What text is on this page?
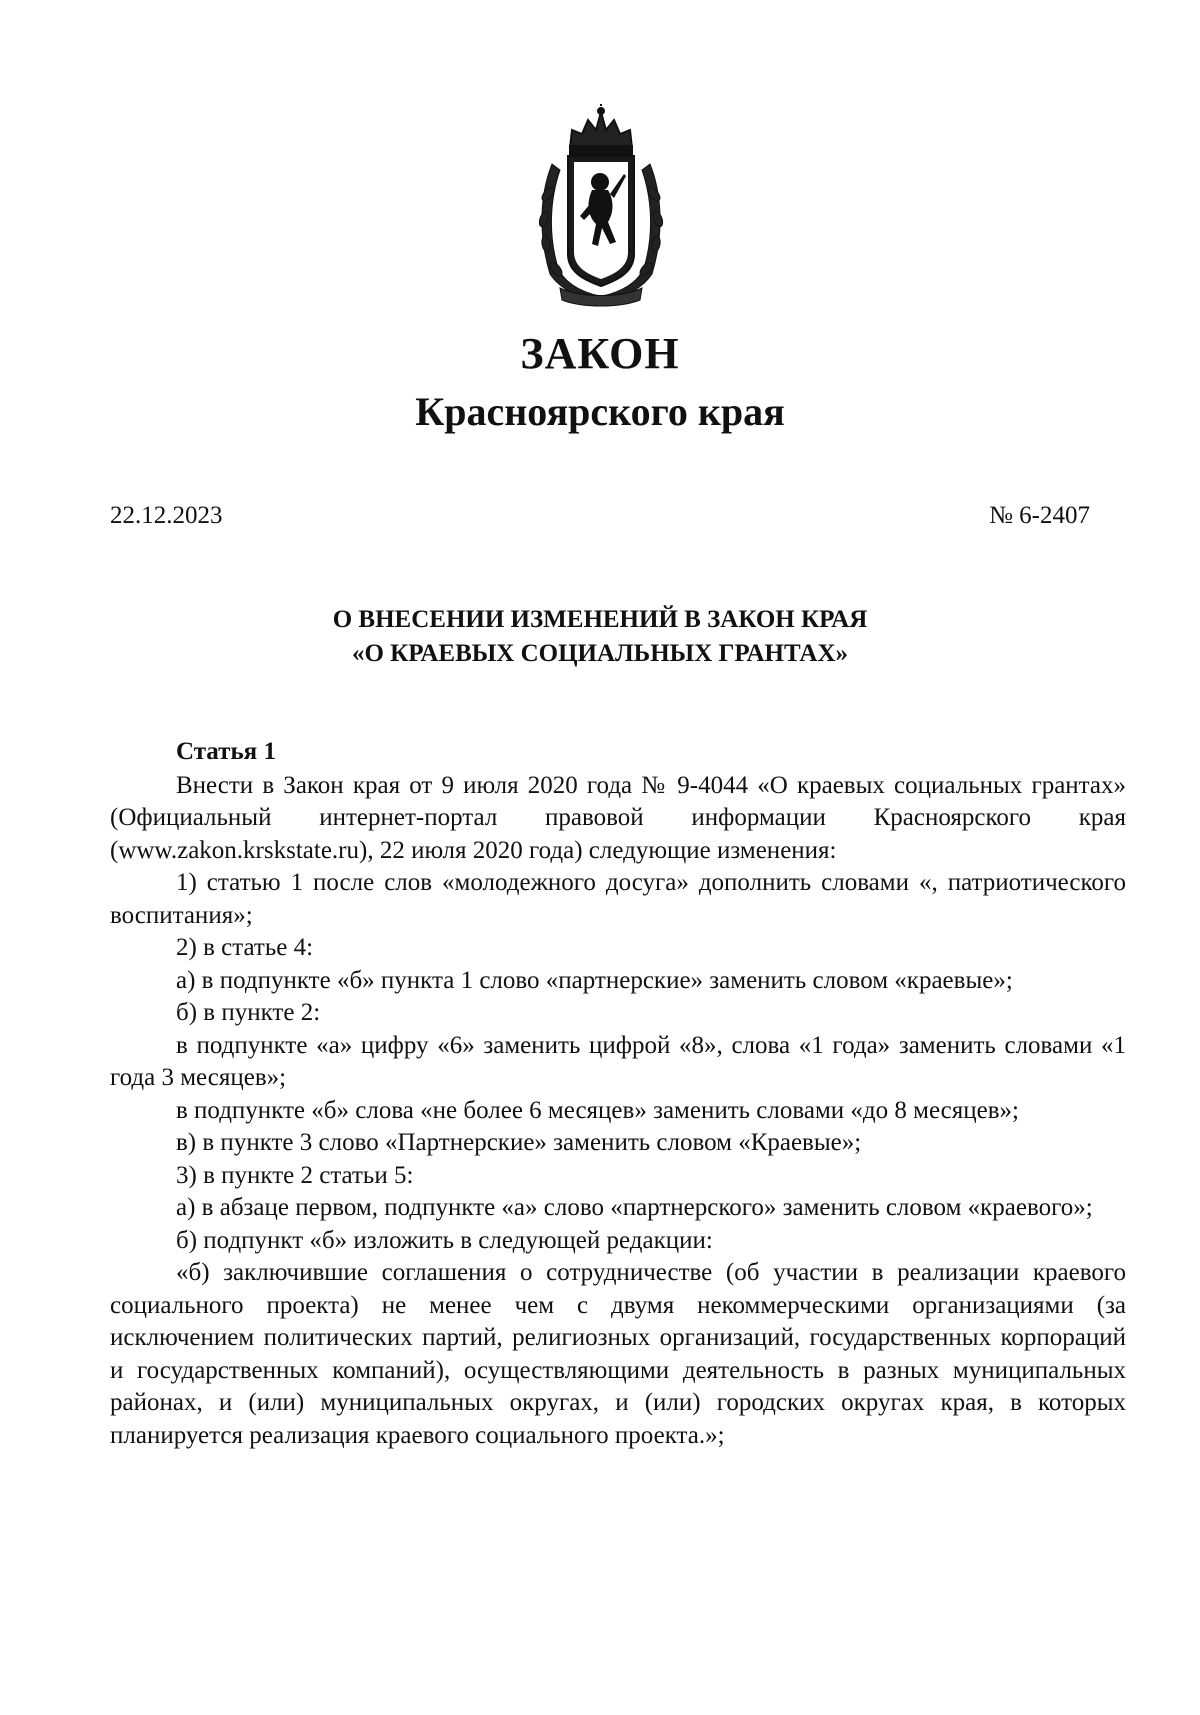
ЗАКОН
Красноярского края
22.12.2023	№ 6-2407
О ВНЕСЕНИИ ИЗМЕНЕНИЙ В ЗАКОН КРАЯ
«О КРАЕВЫХ СОЦИАЛЬНЫХ ГРАНТАХ»
Статья 1

Внести в Закон края от 9 июля 2020 года № 9-4044 «О краевых социальных грантах» (Официальный интернет-портал правовой информации Красноярского края (www.zakon.krskstate.ru), 22 июля 2020 года) следующие изменения:

1) статью 1 после слов «молодежного досуга» дополнить словами «, патриотического воспитания»;

2) в статье 4:

а) в подпункте «б» пункта 1 слово «партнерские» заменить словом «краевые»;

б) в пункте 2:

в подпункте «а» цифру «6» заменить цифрой «8», слова «1 года» заменить словами «1 года 3 месяцев»;

в подпункте «б» слова «не более 6 месяцев» заменить словами «до 8 месяцев»;

в) в пункте 3 слово «Партнерские» заменить словом «Краевые»;

3) в пункте 2 статьи 5:

а) в абзаце первом, подпункте «а» слово «партнерского» заменить словом «краевого»;

б) подпункт «б» изложить в следующей редакции:

«б) заключившие соглашения о сотрудничестве (об участии в реализации краевого социального проекта) не менее чем с двумя некоммерческими организациями (за исключением политических партий, религиозных организаций, государственных корпораций и государственных компаний), осуществляющими деятельность в разных муниципальных районах, и (или) муниципальных округах, и (или) городских округах края, в которых планируется реализация краевого социального проекта.»;
